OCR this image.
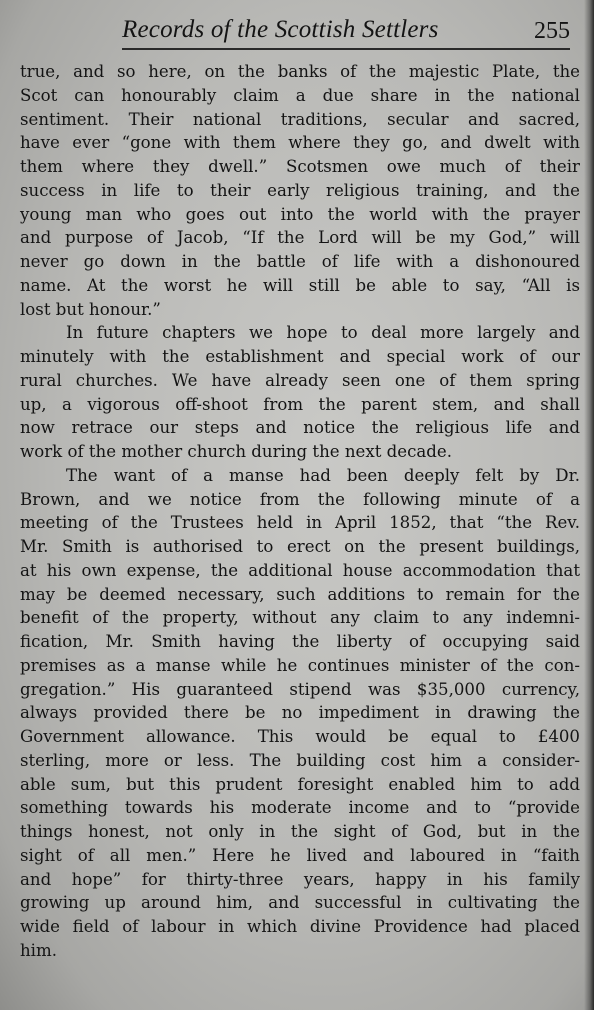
Records of the Scottish Settlers	255
true, and so here, on the banks of the majestic Plate, the
Scot can honourably claim a due share in the national
sentiment. Their national traditions, secular and sacred,
have ever “gone with them where they go, and dwelt with
them where they dwell.” Scotsmen owe much of their
success in life to their early religious training, and the
young man who goes out into the world with the prayer
and purpose of Jacob, “If the Lord will be my God,” will
never go down in the battle of life with a dishonoured
name. At the worst he will still be able to say, “All is
lost but honour.”
In future chapters we hope to deal more largely and
minutely with the establishment and special work of our
rural churches. We have already seen one of them spring
up, a vigorous off-shoot from the parent stem, and shall
now retrace our steps and notice the religious life and
work of the mother church during the next decade.
The want of a manse had been deeply felt by Dr.
Brown, and we notice from the following minute of a
meeting of the Trustees held in April 1852, that “the Rev.
Mr. Smith is authorised to erect on the present buildings,
at his own expense, the additional house accommodation that
may be deemed necessary, such additions to remain for the
benefit of the property, without any claim to any indemni-
fication, Mr. Smith having the liberty of occupying said
premises as a manse while he continues minister of the con-
gregation.” His guaranteed stipend was $35,000 currency,
always provided there be no impediment in drawing the
Government allowance. This would be equal to £400
sterling, more or less. The building cost him a consider-
able sum, but this prudent foresight enabled him to add
something towards his moderate income and to “provide
things honest, not only in the sight of God, but in the
sight of all men.” Here he lived and laboured in “faith
and hope” for thirty-three years, happy in his family
growing up around him, and successful in cultivating the
wide field of labour in which divine Providence had placed
him.
